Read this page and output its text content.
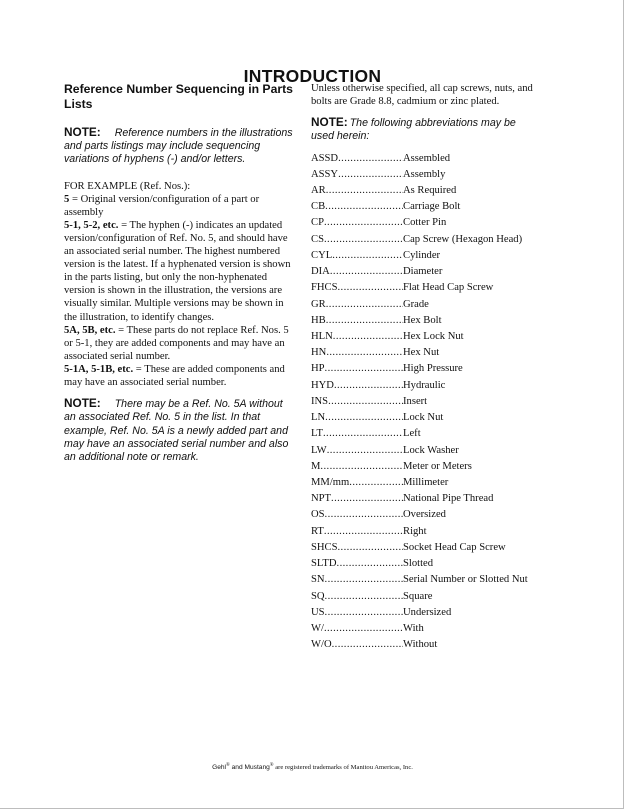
INTRODUCTION
Reference Number Sequencing in Parts Lists

NOTE: Reference numbers in the illustrations and parts listings may include sequencing variations of hyphens (-) and/or letters.

FOR EXAMPLE (Ref. Nos.):

5 = Original version/configuration of a part or assembly

5-1, 5-2, etc. = The hyphen (-) indicates an updated version/configuration of Ref. No. 5, and should have an associated serial number. The highest numbered version is the latest. If a hyphenated version is shown in the parts listing, but only the non-hyphenated version is shown in the illustration, the versions are visually similar. Multiple versions may be shown in the illustration, to identify changes.

5A, 5B, etc. = These parts do not replace Ref. Nos. 5 or 5-1, they are added components and may have an associated serial number.

5-1A, 5-1B, etc. = These are added components and may have an associated serial number.

NOTE: There may be a Ref. No. 5A without an associated Ref. No. 5 in the list. In that example, Ref. No. 5A is a newly added part and may have an associated serial number and also an additional note or remark.

Unless otherwise specified, all cap screws, nuts, and bolts are Grade 8.8, cadmium or zinc plated.

NOTE: The following abbreviations may be used herein:

ASSD .....	Assembled
ASSY .....	Assembly
AR .....	As Required
CB .....	Carriage Bolt
CP .....	Cotter Pin
CS .....	Cap Screw (Hexagon Head)
CYL .....	Cylinder
DIA .....	Diameter
FHCS .....	Flat Head Cap Screw
GR .....	Grade
HB .....	Hex Bolt
HLN .....	Hex Lock Nut
HN .....	Hex Nut
HP .....	High Pressure
HYD .....	Hydraulic
INS .....	Insert
LN .....	Lock Nut
LT .....	Left
LW .....	Lock Washer
M .....	Meter or Meters
MM/mm .....	Millimeter
NPT .....	National Pipe Thread
OS .....	Oversized
RT .....	Right
SHCS .....	Socket Head Cap Screw
SLTD .....	Slotted
SN .....	Serial Number or Slotted Nut
SQ .....	Square
US .....	Undersized
W/ .....	With
W/O .....	Without
Gehl® and Mustang® are registered trademarks of Manitou Americas, Inc.
